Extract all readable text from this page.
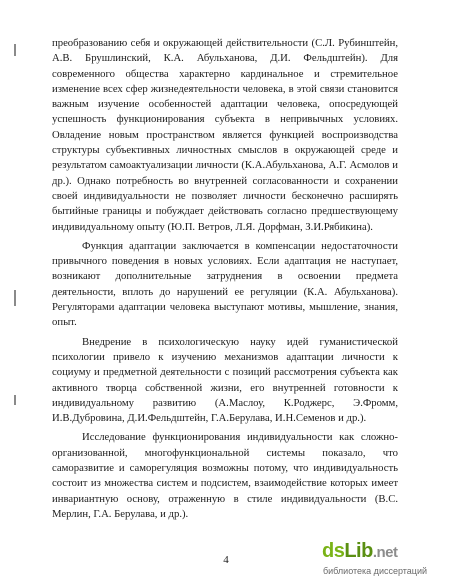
преобразованию себя и окружающей действительности (С.Л. Рубинштейн, А.В. Брушлинский, К.А. Абульханова, Д.И. Фельдштейн). Для современного общества характерно кардинальное и стремительное изменение всех сфер жизнедеятельности человека, в этой связи становится важным изучение особенностей адаптации человека, опосредующей успешность функционирования субъекта в непривычных условиях. Овладение новым пространством является функцией воспроизводства структуры субъективных личностных смыслов в окружающей среде и результатом самоактуализации личности (К.А.Абульханова, А.Г. Асмолов и др.). Однако потребность во внутренней согласованности и сохранении своей индивидуальности не позволяет личности бесконечно расширять бытийные границы и побуждает действовать согласно предшествующему индивидуальному опыту (Ю.П. Ветров, Л.Я. Дорфман, З.И.Рябикина).

Функция адаптации заключается в компенсации недостаточности привычного поведения в новых условиях. Если адаптация не наступает, возникают дополнительные затруднения в освоении предмета деятельности, вплоть до нарушений ее регуляции (К.А. Абульханова). Регуляторами адаптации человека выступают мотивы, мышление, знания, опыт.

Внедрение в психологическую науку идей гуманистической психологии привело к изучению механизмов адаптации личности к социуму и предметной деятельности с позиций рассмотрения субъекта как активного творца собственной жизни, его внутренней готовности к индивидуальному развитию (А.Маслоу, К.Роджерс, Э.Фромм, И.В.Дубровина, Д.И.Фельдштейн, Г.А.Берулава, И.Н.Семенов и др.).

Исследование функционирования индивидуальности как сложно-организованной, многофункциональной системы показало, что саморазвитие и саморегуляция возможны потому, что индивидуальность состоит из множества систем и подсистем, взаимодействие которых имеет инвариантную основу, отраженную в стиле индивидуальности (В.С. Мерлин, Г.А. Берулава, и др.).

4	dsLib.net
библиотека диссертаций
